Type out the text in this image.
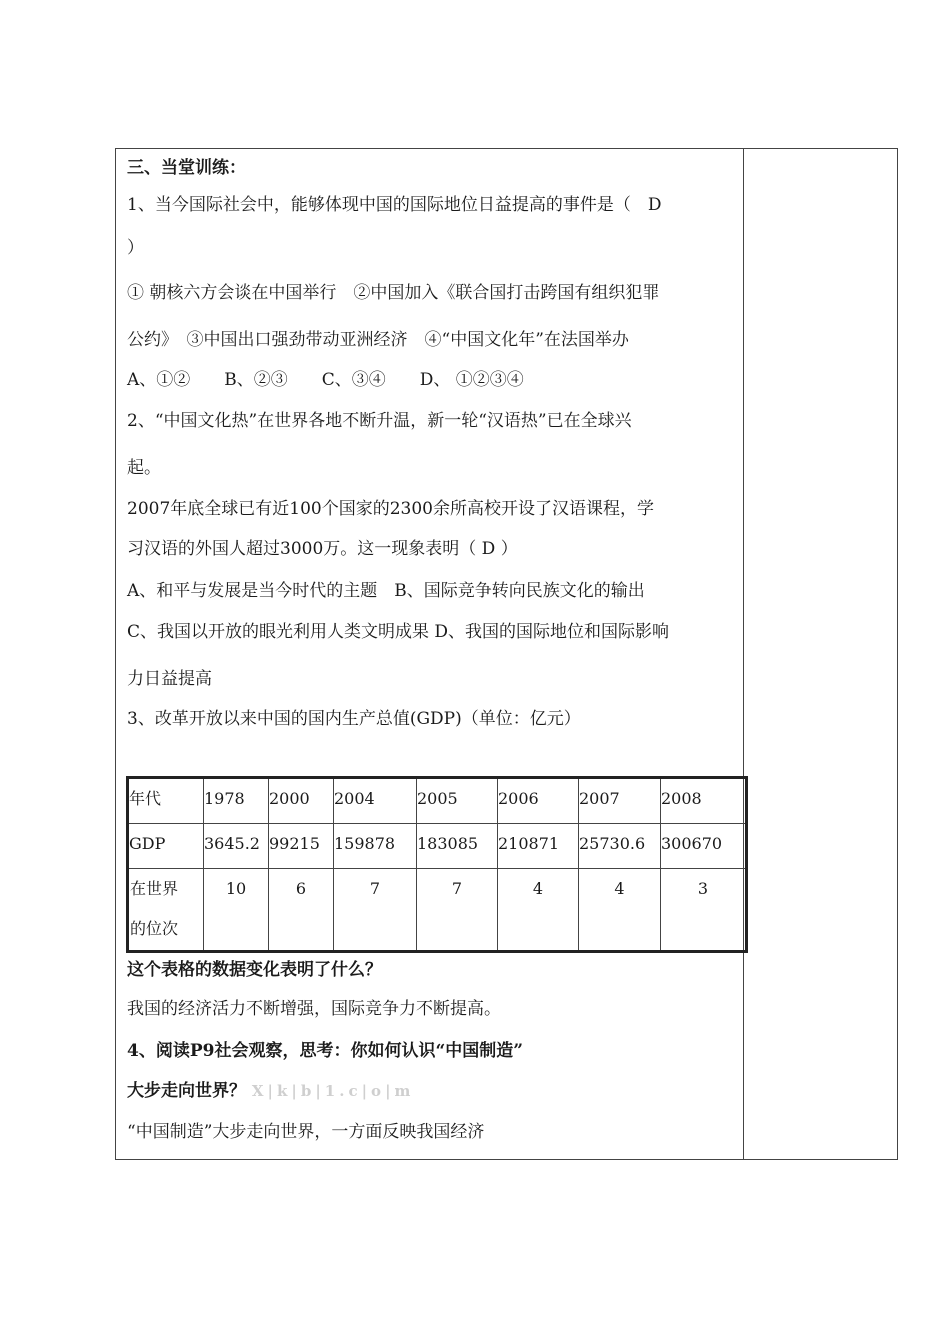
三、当堂训练：
1、当今国际社会中，能够体现中国的国际地位日益提高的事件是（　D
）
① 朝核六方会谈在中国举行　②中国加入《联合国打击跨国有组织犯罪
公约》　③中国出口强劲带动亚洲经济　④“中国文化年”在法国举办
A、①②　　B、②③　　C、③④　　D、 ①②③④
2、“中国文化热”在世界各地不断升温，新一轮“汉语热”已在全球兴
起。
2007年底全球已有近100个国家的2300余所高校开设了汉语课程，学
习汉语的外国人超过3000万。这一现象表明（ D ）
A、和平与发展是当今时代的主题　B、国际竞争转向民族文化的输出
C、我国以开放的眼光利用人类文明成果 D、我国的国际地位和国际影响
力日益提高
3、改革开放以来中国的国内生产总值(GDP)（单位：亿元）
年代	1978	2000	2004	2005	2006	2007	2008
GDP	3645.2	99215	159878	183085	210871	25730.6	300670

在世界
的位次	10	6	7	7	4	4	3
这个表格的数据变化表明了什么？
我国的经济活力不断增强，国际竞争力不断提高。
4、阅读P9社会观察，思考：你如何认识“中国制造”
大步走向世界？ X|k|b|1.c|o|m
“中国制造”大步走向世界，一方面反映我国经济
